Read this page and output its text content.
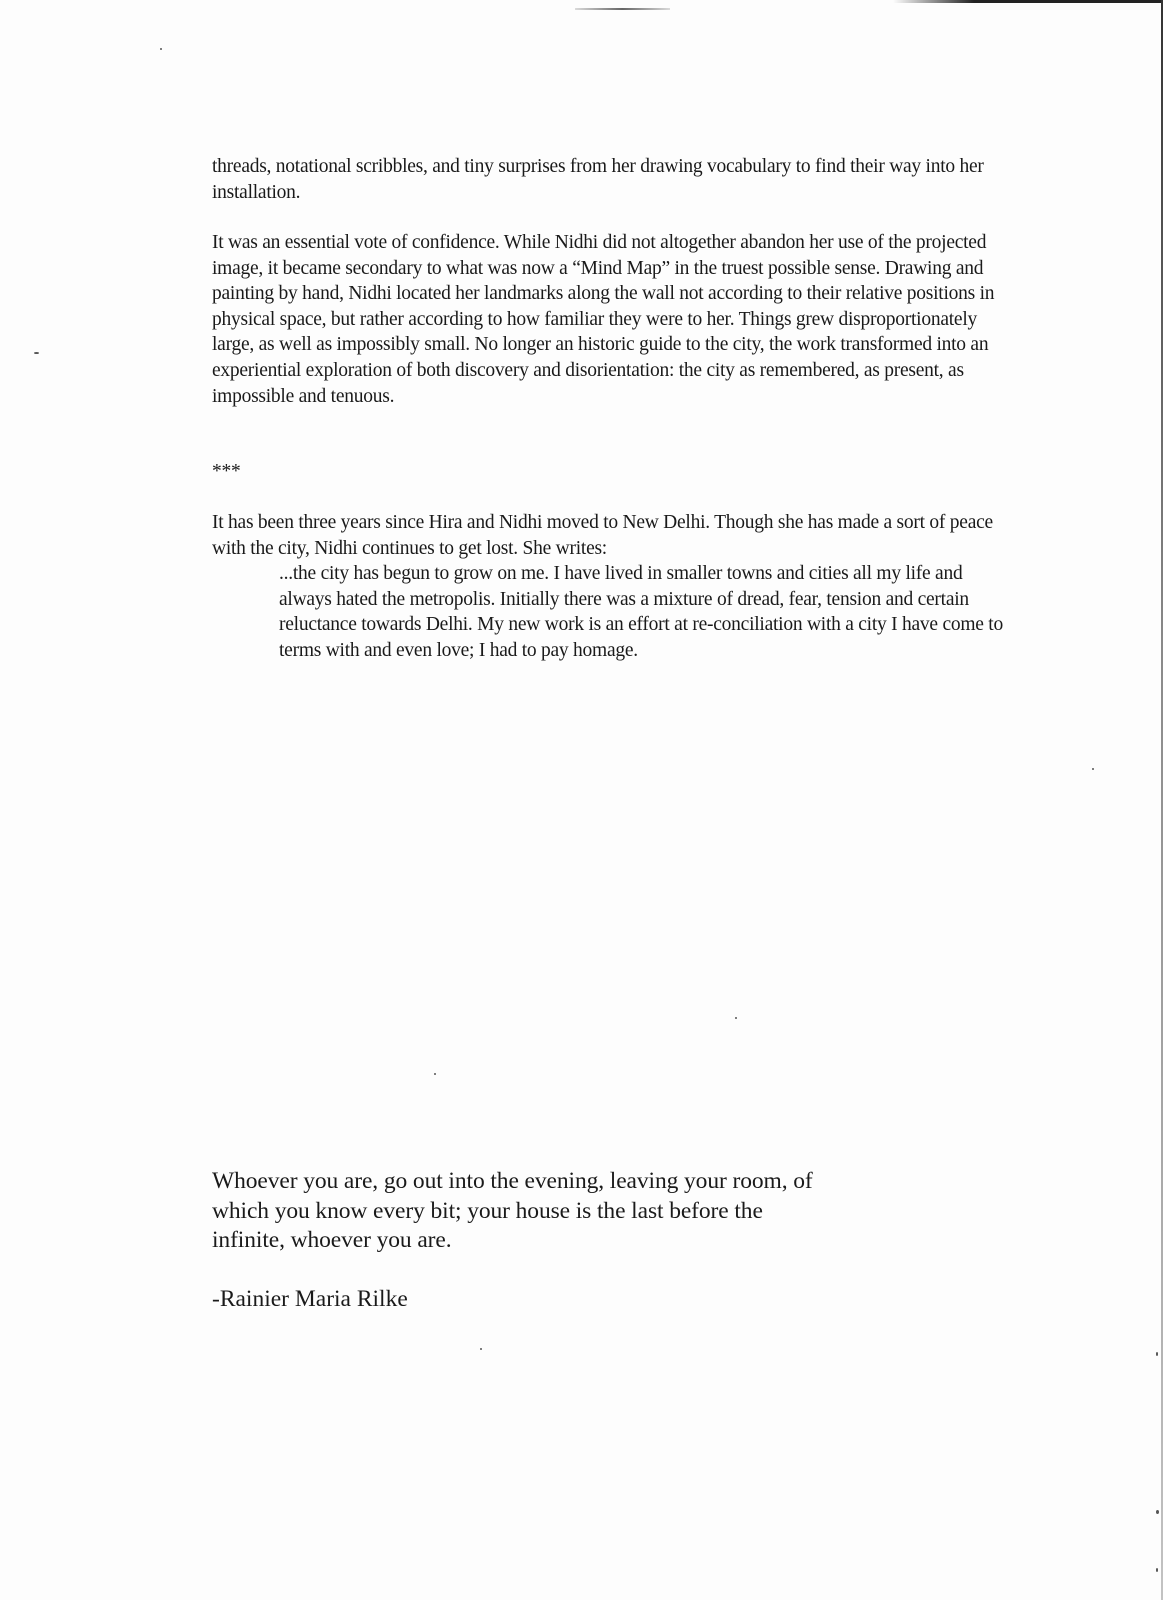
threads, notational scribbles, and tiny surprises from her drawing vocabulary to find their way into her installation.

It was an essential vote of confidence. While Nidhi did not altogether abandon her use of the projected image, it became secondary to what was now a “Mind Map” in the truest possible sense. Drawing and painting by hand, Nidhi located her landmarks along the wall not according to their relative positions in physical space, but rather according to how familiar they were to her. Things grew disproportionately large, as well as impossibly small. No longer an historic guide to the city, the work transformed into an experiential exploration of both discovery and disorientation: the city as remembered, as present, as impossible and tenuous.

***

It has been three years since Hira and Nidhi moved to New Delhi. Though she has made a sort of peace with the city, Nidhi continues to get lost. She writes:

...the city has begun to grow on me. I have lived in smaller towns and cities all my life and always hated the metropolis. Initially there was a mixture of dread, fear, tension and certain reluctance towards Delhi. My new work is an effort at re-conciliation with a city I have come to terms with and even love; I had to pay homage.

Whoever you are, go out into the evening, leaving your room, of which you know every bit; your house is the last before the infinite, whoever you are.

-Rainier Maria Rilke
